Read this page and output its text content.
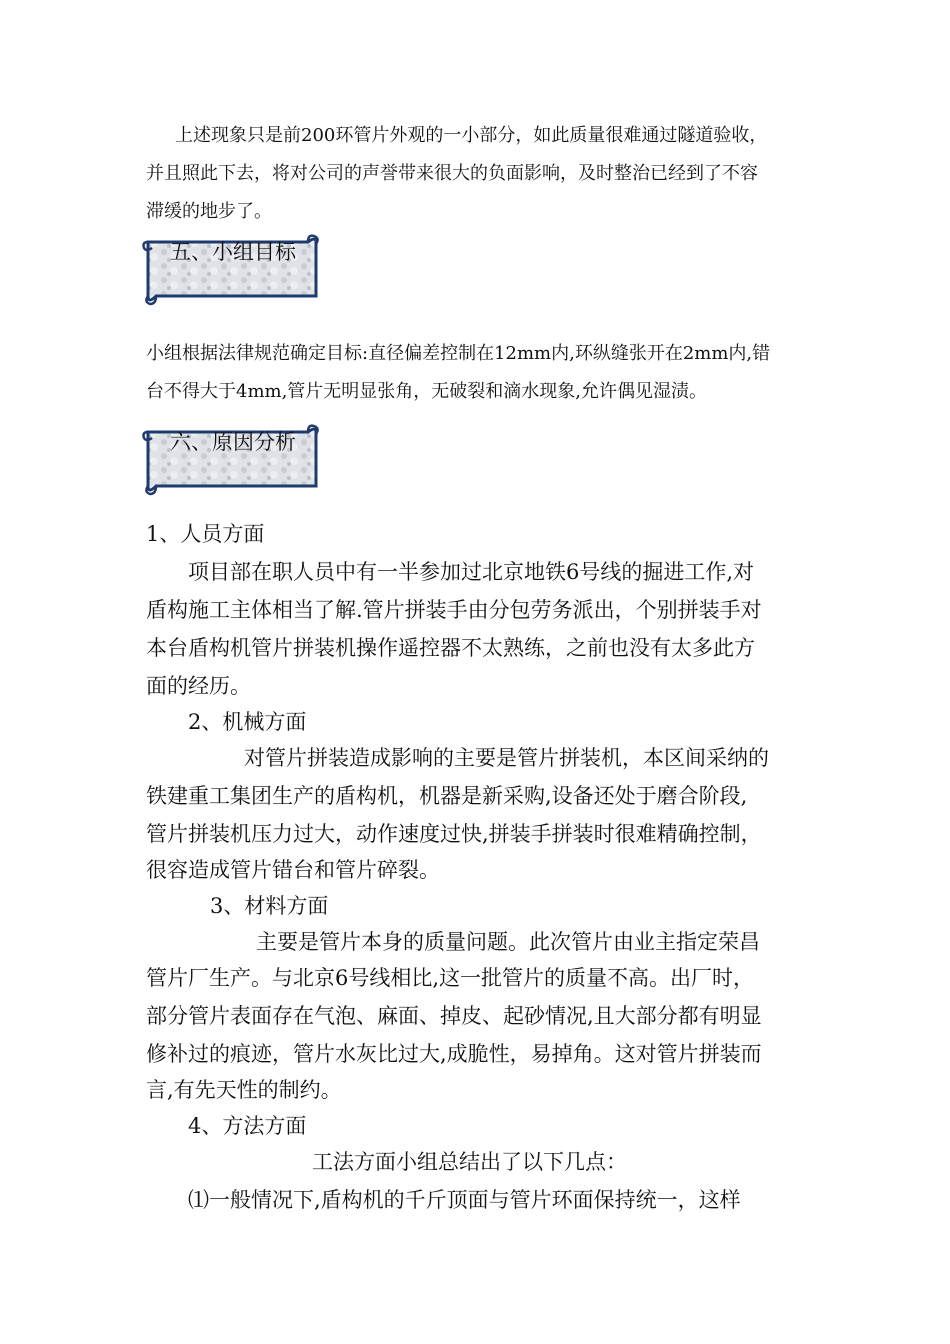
上述现象只是前200环管片外观的一小部分，如此质量很难通过隧道验收，
并且照此下去，将对公司的声誉带来很大的负面影响，及时整治已经到了不容
滞缓的地步了。
五、小组目标
小组根据法律规范确定目标:直径偏差控制在12mm内,环纵缝张开在2mm内,错
台不得大于4mm,管片无明显张角，无破裂和滴水现象,允许偶见湿渍。
六、原因分析
1、人员方面
项目部在职人员中有一半参加过北京地铁6号线的掘进工作,对
盾构施工主体相当了解.管片拼装手由分包劳务派出，个别拼装手对
本台盾构机管片拼装机操作遥控器不太熟练，之前也没有太多此方
面的经历。
2、机械方面
对管片拼装造成影响的主要是管片拼装机，本区间采纳的
铁建重工集团生产的盾构机，机器是新采购,设备还处于磨合阶段,
管片拼装机压力过大，动作速度过快,拼装手拼装时很难精确控制，
很容造成管片错台和管片碎裂。
3、材料方面
主要是管片本身的质量问题。此次管片由业主指定荣昌
管片厂生产。与北京6号线相比,这一批管片的质量不高。出厂时，
部分管片表面存在气泡、麻面、掉皮、起砂情况,且大部分都有明显
修补过的痕迹，管片水灰比过大,成脆性，易掉角。这对管片拼装而
言,有先天性的制约。
4、方法方面
工法方面小组总结出了以下几点：
⑴一般情况下,盾构机的千斤顶面与管片环面保持统一，这样
